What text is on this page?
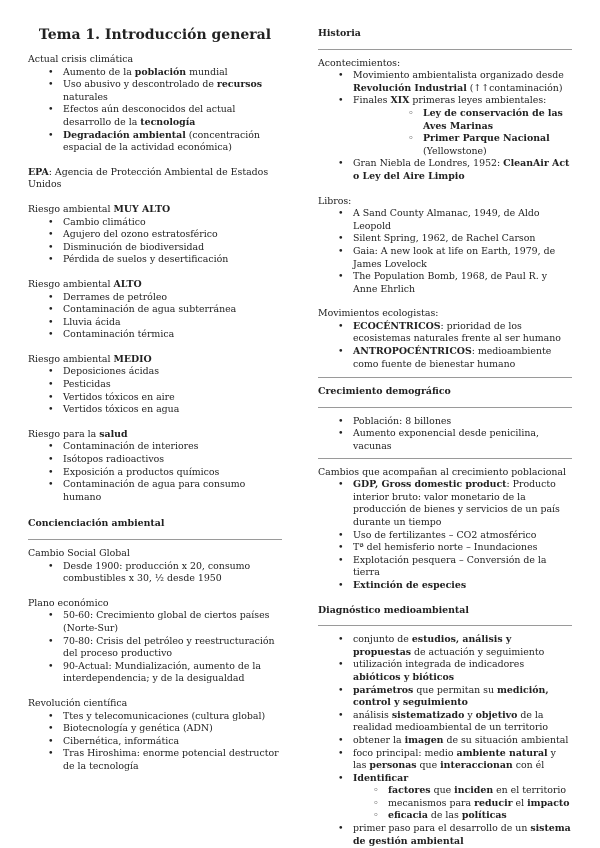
Tema 1. Introducción general

Actual crisis climática

• Aumento de la población mundial
• Uso abusivo y descontrolado de recursos naturales
• Efectos aún desconocidos del actual desarrollo de la tecnología
• Degradación ambiental (concentración espacial de la actividad económica)

EPA: Agencia de Protección Ambiental de Estados Unidos

Riesgo ambiental MUY ALTO

• Cambio climático
• Agujero del ozono estratosférico
• Disminución de biodiversidad
• Pérdida de suelos y desertificación

Riesgo ambiental ALTO

• Derrames de petróleo
• Contaminación de agua subterránea
• Lluvia ácida
• Contaminación térmica

Riesgo ambiental MEDIO

• Deposiciones ácidas
• Pesticidas
• Vertidos tóxicos en aire
• Vertidos tóxicos en agua

Riesgo para la salud

• Contaminación de interiores
• Isótopos radioactivos
• Exposición a productos químicos
• Contaminación de agua para consumo humano

Concienciación ambiental

Cambio Social Global

• Desde 1900: producción x 20, consumo combustibles x 30, ½ desde 1950

Plano económico

• 50-60: Crecimiento global de ciertos países (Norte-Sur)
• 70-80: Crisis del petróleo y reestructuración del proceso productivo
• 90-Actual: Mundialización, aumento de la interdependencia; y de la desigualdad

Revolución científica

• Ttes y telecomunicaciones (cultura global)
• Biotecnología y genética (ADN)
• Cibernética, informática
• Tras Hiroshima: enorme potencial destructor de la tecnología

Historia

Acontecimientos:

• Movimiento ambientalista organizado desde Revolución Industrial (↑↑contaminación)
• Finales XIX primeras leyes ambientales:
◦ Ley de conservación de las Aves Marinas
◦ Primer Parque Nacional (Yellowstone)
• Gran Niebla de Londres, 1952: CleanAir Act o Ley del Aire Limpio

Libros:

• A Sand County Almanac, 1949, de Aldo Leopold
• Silent Spring, 1962, de Rachel Carson
• Gaia: A new look at life on Earth, 1979, de James Lovelock
• The Population Bomb, 1968, de Paul R. y Anne Ehrlich

Movimientos ecologistas:

• ECOCÉNTRICOS: prioridad de los ecosistemas naturales frente al ser humano
• ANTROPOCÉNTRICOS: medioambiente como fuente de bienestar humano

Crecimiento demográfico

• Población: 8 billones
• Aumento exponencial desde penicilina, vacunas

Cambios que acompañan al crecimiento poblacional

• GDP, Gross domestic product: Producto interior bruto: valor monetario de la producción de bienes y servicios de un país durante un tiempo
• Uso de fertilizantes – CO2 atmosférico
• Tª del hemisferio norte – Inundaciones
• Explotación pesquera – Conversión de la tierra
• Extinción de especies

Diagnóstico medioambiental

• conjunto de estudios, análisis y propuestas de actuación y seguimiento
• utilización integrada de indicadores abióticos y bióticos
• parámetros que permitan su medición, control y seguimiento
• análisis sistematizado y objetivo de la realidad medioambiental de un territorio
• obtener la imagen de su situación ambiental
• foco principal: medio ambiente natural y las personas que interaccionan con él
• Identificar
◦ factores que inciden en el territorio
◦ mecanismos para reducir el impacto
◦ eficacia de las políticas
• primer paso para el desarrollo de un sistema de gestión ambiental
